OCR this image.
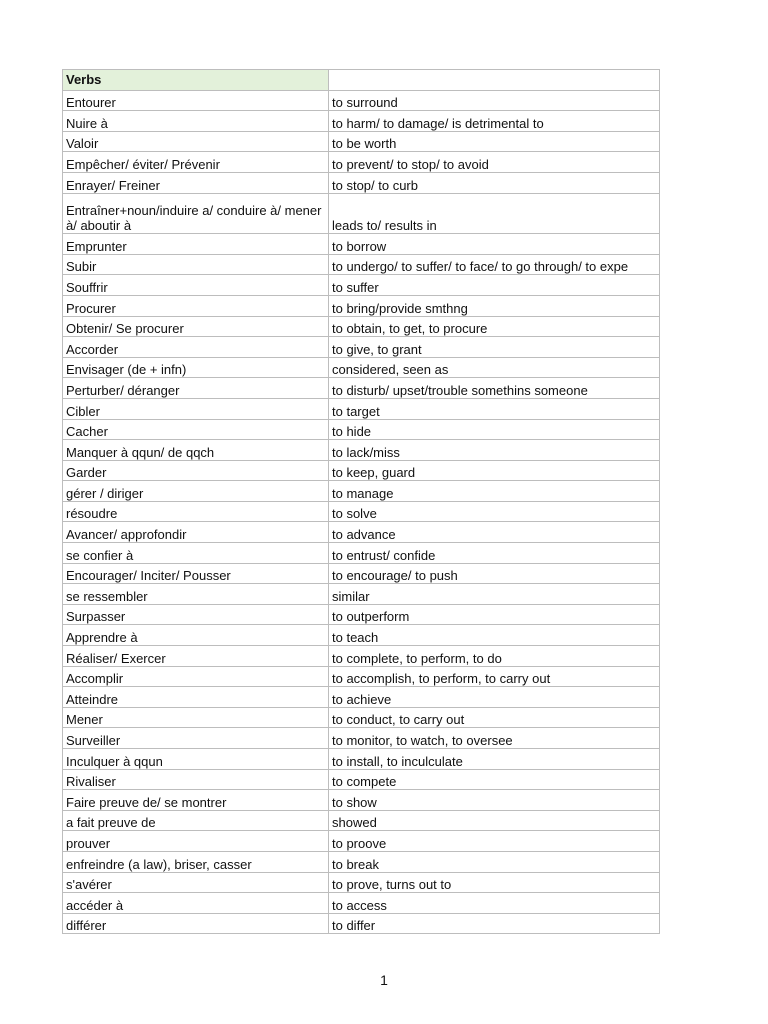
Verbs	
Entourer	to surround
Nuire à	to harm/ to damage/ is detrimental to
Valoir	to be worth
Empêcher/ éviter/ Prévenir	to prevent/ to stop/ to avoid
Enrayer/ Freiner	to stop/ to curb
Entraîner+noun/induire a/ conduire à/ mener à/ aboutir à	leads to/ results in
Emprunter	to borrow
Subir	to undergo/ to suffer/ to face/ to go through/ to expe
Souffrir	to suffer
Procurer	to bring/provide smthng
Obtenir/ Se procurer	to obtain, to get, to procure
Accorder	to give, to grant
Envisager (de + infn)	considered, seen as
Perturber/ déranger	to disturb/ upset/trouble somethins someone
Cibler	to target
Cacher	to hide
Manquer à qqun/ de qqch	to lack/miss
Garder	to keep, guard
gérer / diriger	to manage
résoudre	to solve
Avancer/ approfondir	to advance
se confier à	to entrust/ confide
Encourager/ Inciter/ Pousser	to encourage/ to push
se ressembler	similar
Surpasser	to outperform
Apprendre à	to teach
Réaliser/ Exercer	to complete, to perform, to do
Accomplir	to accomplish, to perform, to carry out
Atteindre	to achieve
Mener	to conduct, to carry out
Surveiller	to monitor, to watch, to oversee
Inculquer à qqun	to install, to inculculate
Rivaliser	to compete
Faire preuve de/ se montrer	to show
a fait preuve de	showed
prouver	to proove
enfreindre (a law), briser, casser	to break
s'avérer	to prove, turns out to
accéder à	to access
différer	to differ
1
